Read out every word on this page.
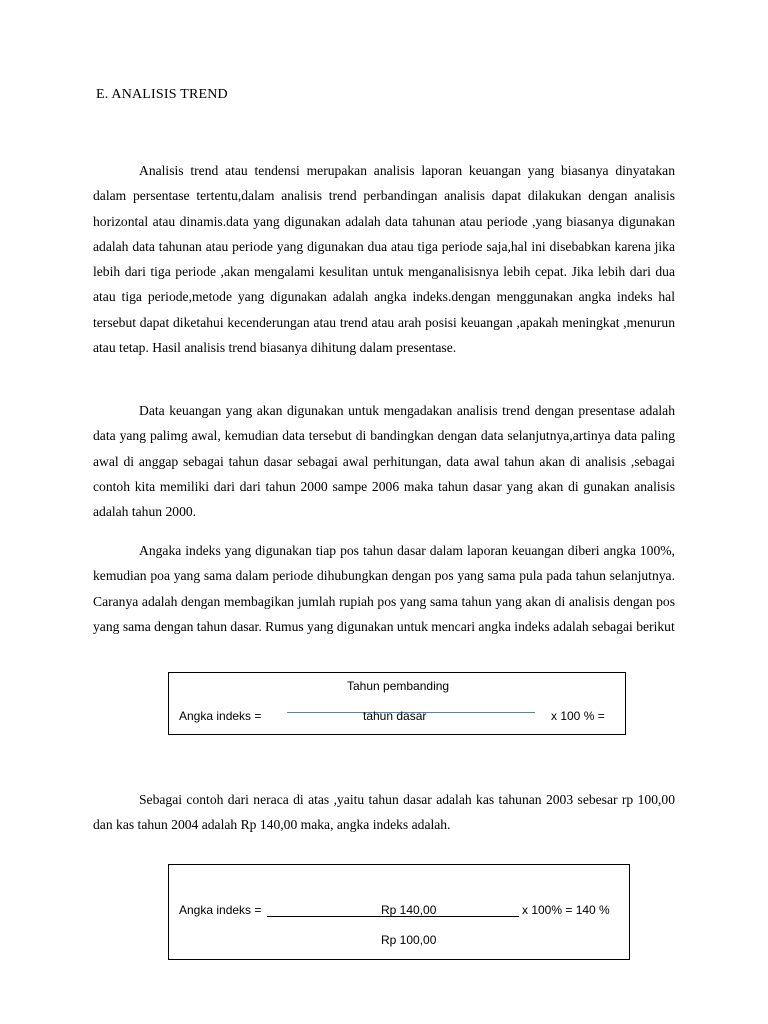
E. ANALISIS TREND

Analisis trend atau tendensi merupakan analisis laporan keuangan yang biasanya dinyatakan dalam persentase tertentu,dalam analisis trend perbandingan analisis dapat dilakukan dengan analisis horizontal atau dinamis.data yang digunakan adalah data tahunan atau periode ,yang biasanya digunakan adalah data tahunan atau periode yang digunakan dua atau tiga periode saja,hal ini disebabkan karena jika lebih dari tiga periode ,akan mengalami kesulitan untuk menganalisisnya lebih cepat. Jika lebih dari dua atau tiga periode,metode yang digunakan adalah angka indeks.dengan menggunakan angka indeks hal tersebut dapat diketahui kecenderungan atau trend atau arah posisi keuangan ,apakah meningkat ,menurun atau tetap. Hasil analisis trend biasanya dihitung dalam presentase.

Data keuangan yang akan digunakan untuk mengadakan analisis trend dengan presentase adalah data yang palimg awal, kemudian data tersebut di bandingkan dengan data selanjutnya,artinya data paling awal di anggap sebagai tahun dasar sebagai awal perhitungan, data awal tahun akan di analisis ,sebagai contoh kita memiliki dari dari tahun 2000 sampe 2006 maka tahun dasar yang akan di gunakan analisis adalah tahun 2000.

Angaka indeks yang digunakan tiap pos tahun dasar dalam laporan keuangan diberi angka 100%, kemudian poa yang sama dalam periode dihubungkan dengan pos yang sama pula pada tahun selanjutnya. Caranya adalah dengan membagikan jumlah rupiah pos yang sama tahun yang akan di analisis dengan pos yang sama dengan tahun dasar. Rumus yang digunakan untuk mencari angka indeks adalah sebagai berikut

Tahun pembanding
Angka indeks =	tahun dasar	x 100 % =

Sebagai contoh dari neraca di atas ,yaitu tahun dasar adalah kas tahunan 2003 sebesar rp 100,00 dan kas tahun 2004 adalah Rp 140,00 maka, angka indeks adalah.

Angka indeks =	Rp 140,00	x 100% = 140 %
Rp 100,00
